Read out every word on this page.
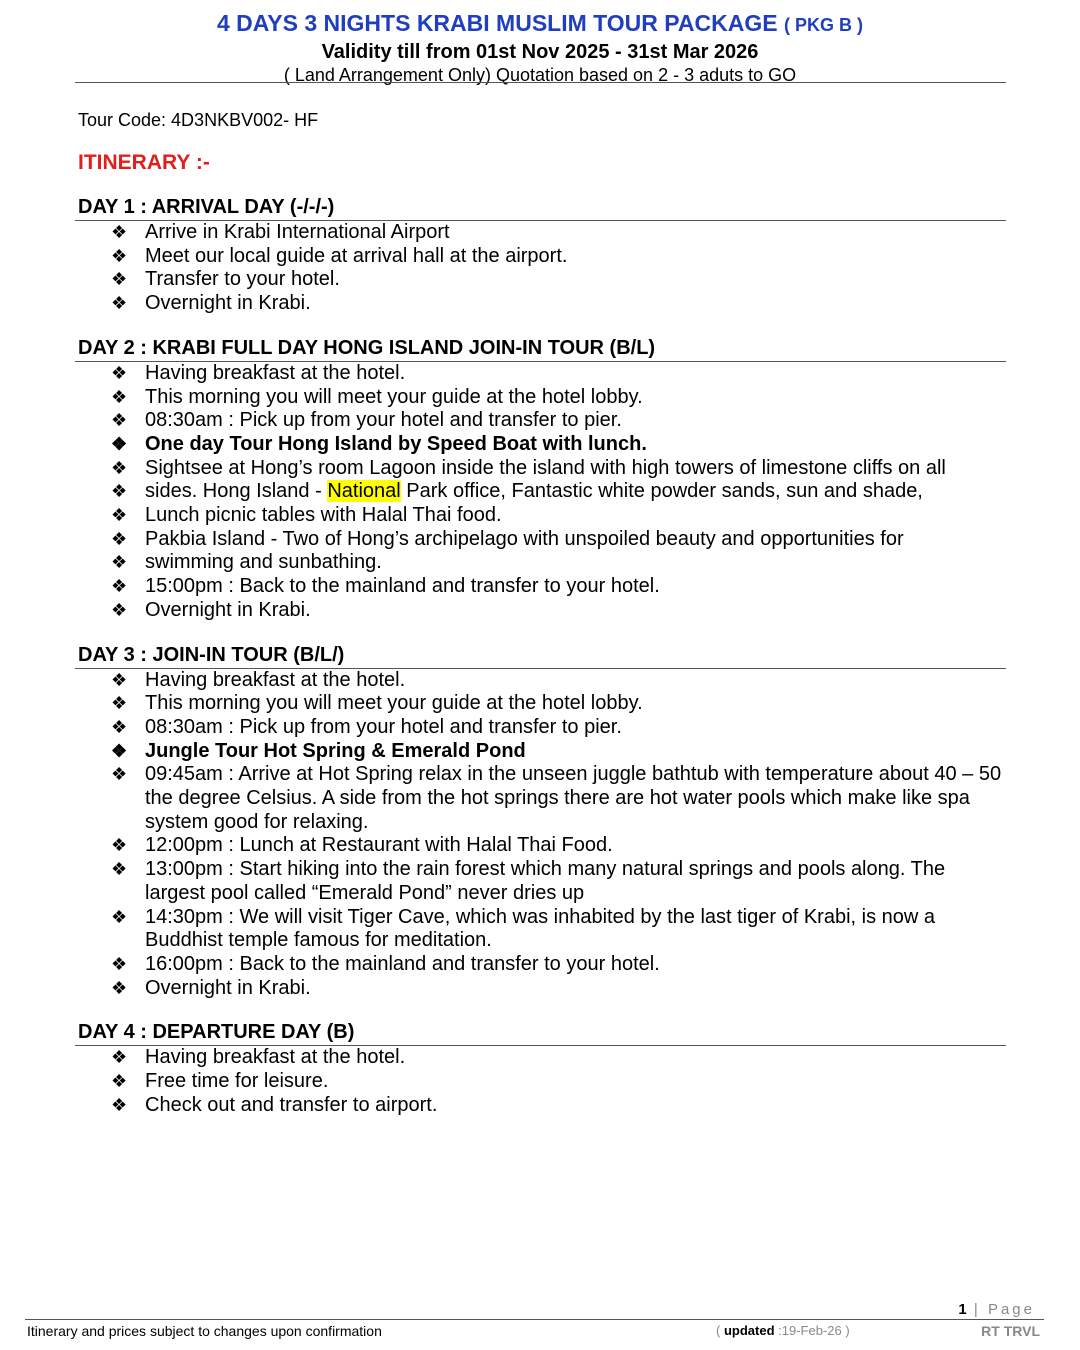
4 DAYS 3 NIGHTS KRABI MUSLIM TOUR PACKAGE ( PKG B )
Validity till from 01st Nov 2025 - 31st Mar 2026
( Land Arrangement Only) Quotation based on 2 - 3 aduts to GO
Tour Code: 4D3NKBV002- HF
ITINERARY :-
DAY 1 : ARRIVAL DAY (-/-/-)
❖ Arrive in Krabi International Airport
❖ Meet our local guide at arrival hall at the airport.
❖ Transfer to your hotel.
❖ Overnight in Krabi.
DAY 2 : KRABI FULL DAY HONG ISLAND JOIN-IN TOUR (B/L)
❖ Having breakfast at the hotel.
❖ This morning you will meet your guide at the hotel lobby.
❖ 08:30am : Pick up from your hotel and transfer to pier.
❖ One day Tour Hong Island by Speed Boat with lunch.
❖ Sightsee at Hong’s room Lagoon inside the island with high towers of limestone cliffs on all
❖ sides. Hong Island - National Park office, Fantastic white powder sands, sun and shade,
❖ Lunch picnic tables with Halal Thai food.
❖ Pakbia Island - Two of Hong’s archipelago with unspoiled beauty and opportunities for
❖ swimming and sunbathing.
❖ 15:00pm : Back to the mainland and transfer to your hotel.
❖ Overnight in Krabi.
DAY 3 : JOIN-IN TOUR (B/L/)
❖ Having breakfast at the hotel.
❖ This morning you will meet your guide at the hotel lobby.
❖ 08:30am : Pick up from your hotel and transfer to pier.
❖ Jungle Tour Hot Spring & Emerald Pond
❖ 09:45am : Arrive at Hot Spring relax in the unseen juggle bathtub with temperature about 40 – 50 the degree Celsius. A side from the hot springs there are hot water pools which make like spa system good for relaxing.
❖ 12:00pm : Lunch at Restaurant with Halal Thai Food.
❖ 13:00pm : Start hiking into the rain forest which many natural springs and pools along. The largest pool called “Emerald Pond” never dries up
❖ 14:30pm : We will visit Tiger Cave, which was inhabited by the last tiger of Krabi, is now a Buddhist temple famous for meditation.
❖ 16:00pm : Back to the mainland and transfer to your hotel.
❖ Overnight in Krabi.
DAY 4 : DEPARTURE DAY (B)
❖ Having breakfast at the hotel.
❖ Free time for leisure.
❖ Check out and transfer to airport.
1 | Page
Itinerary and prices subject to changes upon confirmation	( updated :19-Feb-26 )	RT TRVL
